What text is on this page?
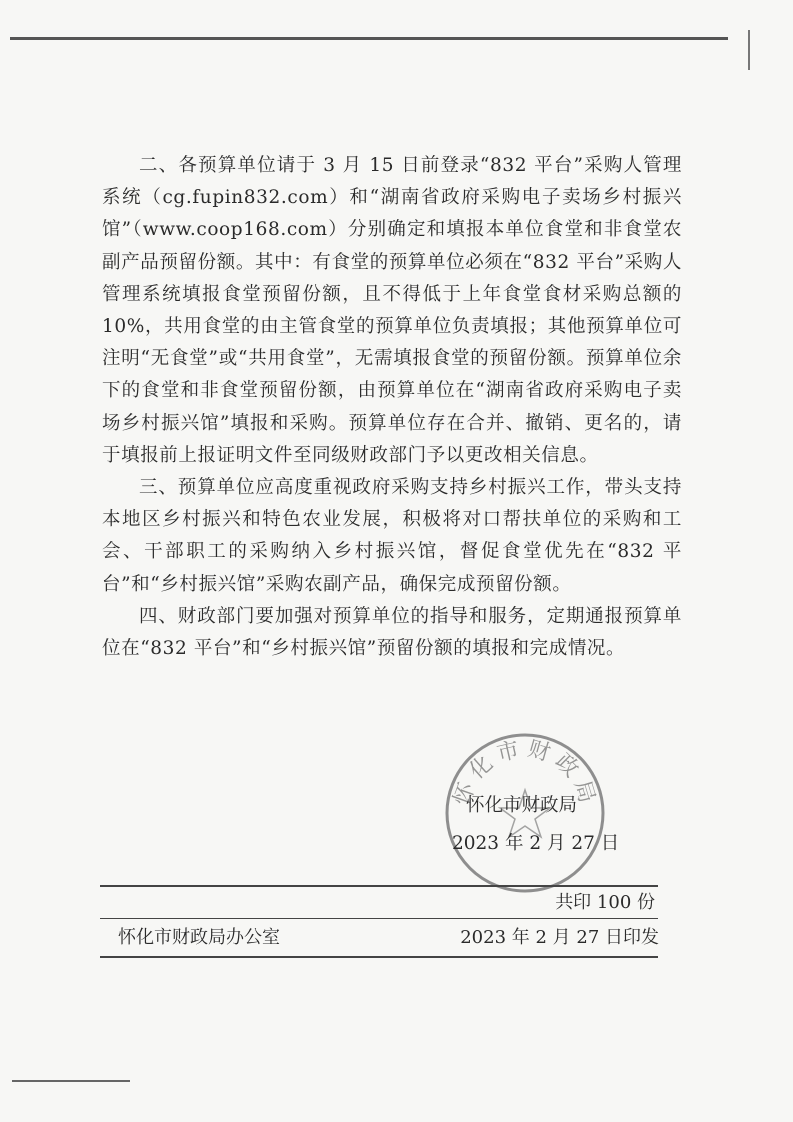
二、各预算单位请于 3 月 15 日前登录“832 平台”采购人管理系统（cg.fupin832.com）和“湖南省政府采购电子卖场乡村振兴馆”（www.coop168.com）分别确定和填报本单位食堂和非食堂农副产品预留份额。其中：有食堂的预算单位必须在“832 平台”采购人管理系统填报食堂预留份额，且不得低于上年食堂食材采购总额的 10%，共用食堂的由主管食堂的预算单位负责填报；其他预算单位可注明“无食堂”或“共用食堂”，无需填报食堂的预留份额。预算单位余下的食堂和非食堂预留份额，由预算单位在“湖南省政府采购电子卖场乡村振兴馆”填报和采购。预算单位存在合并、撤销、更名的，请于填报前上报证明文件至同级财政部门予以更改相关信息。

三、预算单位应高度重视政府采购支持乡村振兴工作，带头支持本地区乡村振兴和特色农业发展，积极将对口帮扶单位的采购和工会、干部职工的采购纳入乡村振兴馆，督促食堂优先在“832 平台”和“乡村振兴馆”采购农副产品，确保完成预留份额。

四、财政部门要加强对预算单位的指导和服务，定期通报预算单位在“832 平台”和“乡村振兴馆”预留份额的填报和完成情况。

怀化市财政局
怀化市财政局
2023 年 2 月 27 日
共印 100 份
怀化市财政局办公室	2023 年 2 月 27 日印发
